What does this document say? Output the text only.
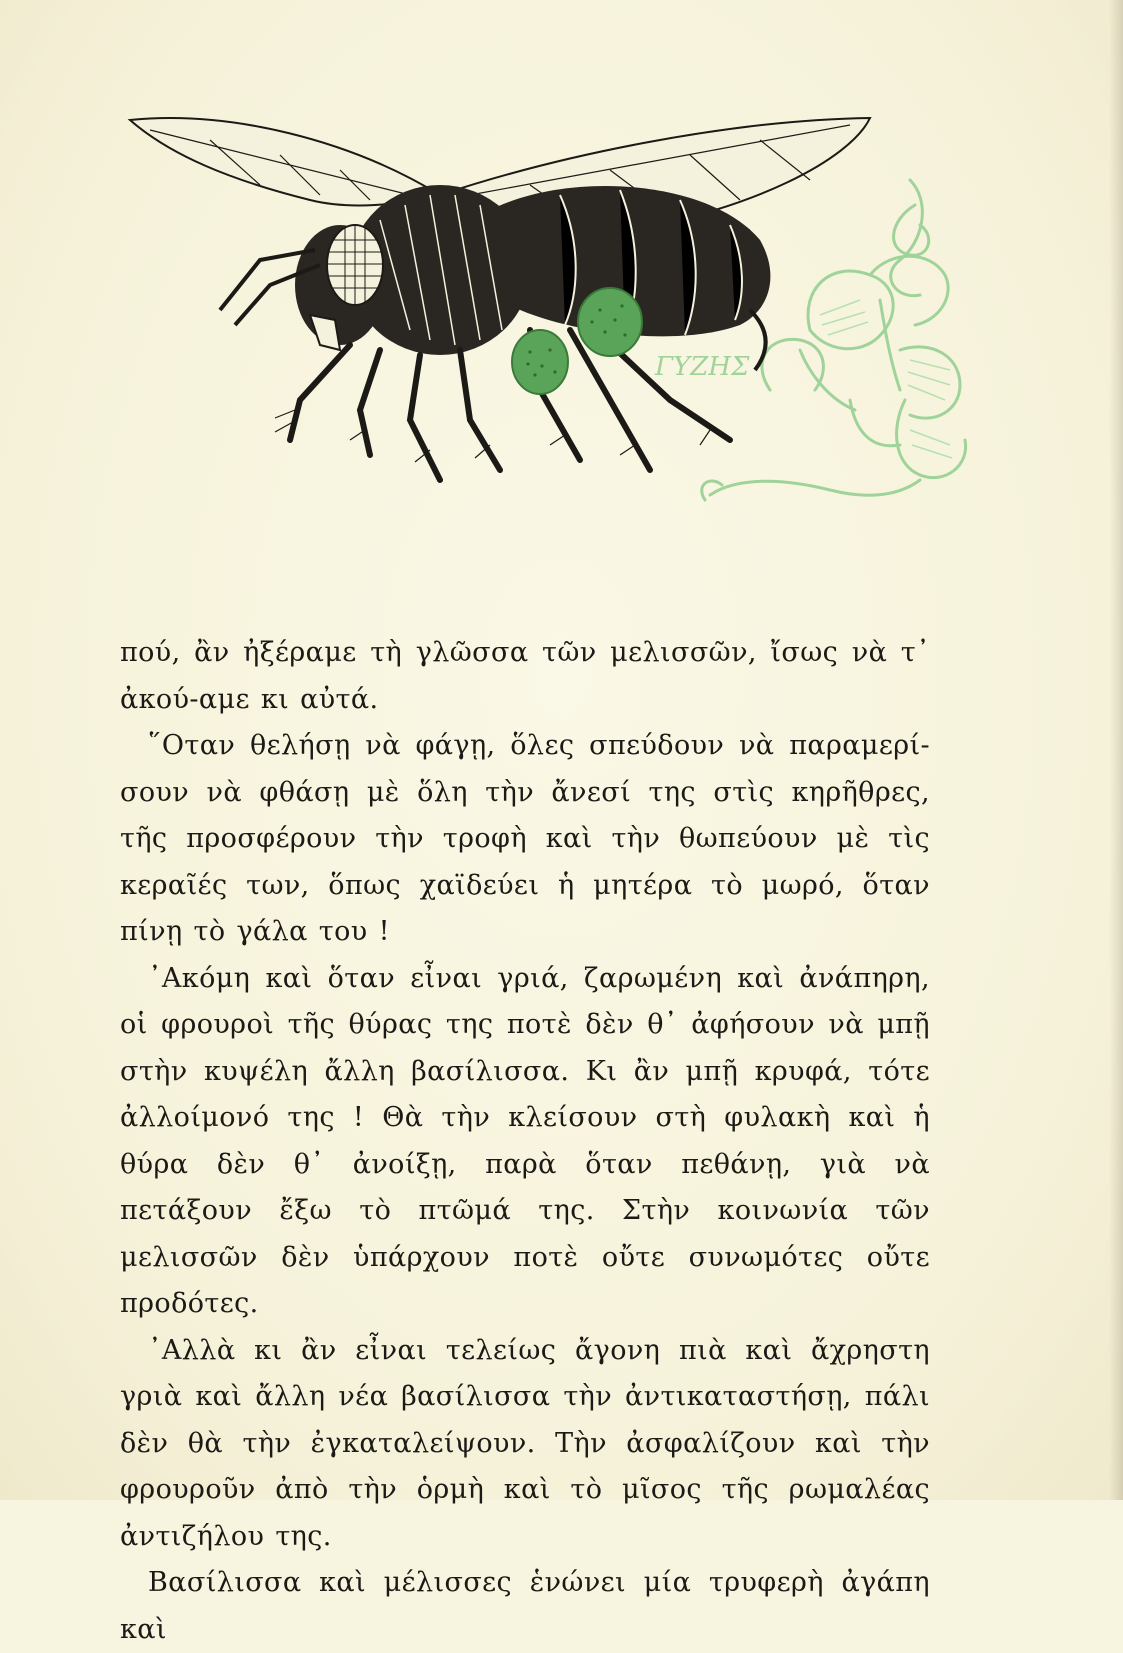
ΓΥΖΗΣ

πού, ἂν ἠξέραμε τὴ γλῶσσα τῶν μελισσῶν, ἴσως νὰ τ᾽ ἀκού-αμε κι αὐτά.

῞Οταν θελήσῃ νὰ φάγῃ, ὅλες σπεύδουν νὰ παραμερί-σουν νὰ φθάσῃ μὲ ὅλη τὴν ἄνεσί της στὶς κηρῆθρες, τῆς προσφέρουν τὴν τροφὴ καὶ τὴν θωπεύουν μὲ τὶς κεραῖές των, ὅπως χαϊδεύει ἡ μητέρα τὸ μωρό, ὅταν πίνῃ τὸ γάλα του !

᾽Ακόμη καὶ ὅταν εἶναι γριά, ζαρωμένη καὶ ἀνάπηρη, οἱ φρουροὶ τῆς θύρας της ποτὲ δὲν θ᾽ ἀφήσουν νὰ μπῇ στὴν κυψέλη ἄλλη βασίλισσα. Κι ἂν μπῇ κρυφά, τότε ἀλλοίμονό της ! Θὰ τὴν κλείσουν στὴ φυλακὴ καὶ ἡ θύρα δὲν θ᾽ ἀνοίξῃ, παρὰ ὅταν πεθάνῃ, γιὰ νὰ πετάξουν ἔξω τὸ πτῶμά της. Στὴν κοινωνία τῶν μελισσῶν δὲν ὑπάρχουν ποτὲ οὔτε συνωμότες οὔτε προδότες.

᾽Αλλὰ κι ἂν εἶναι τελείως ἄγονη πιὰ καὶ ἄχρηστη γριὰ καὶ ἄλλη νέα βασίλισσα τὴν ἀντικαταστήσῃ, πάλι δὲν θὰ τὴν ἐγκαταλείψουν. Τὴν ἀσφαλίζουν καὶ τὴν φρουροῦν ἀπὸ τὴν ὁρμὴ καὶ τὸ μῖσος τῆς ρωμαλέας ἀντιζήλου της.

Βασίλισσα καὶ μέλισσες ἑνώνει μία τρυφερὴ ἀγάπη καὶ
